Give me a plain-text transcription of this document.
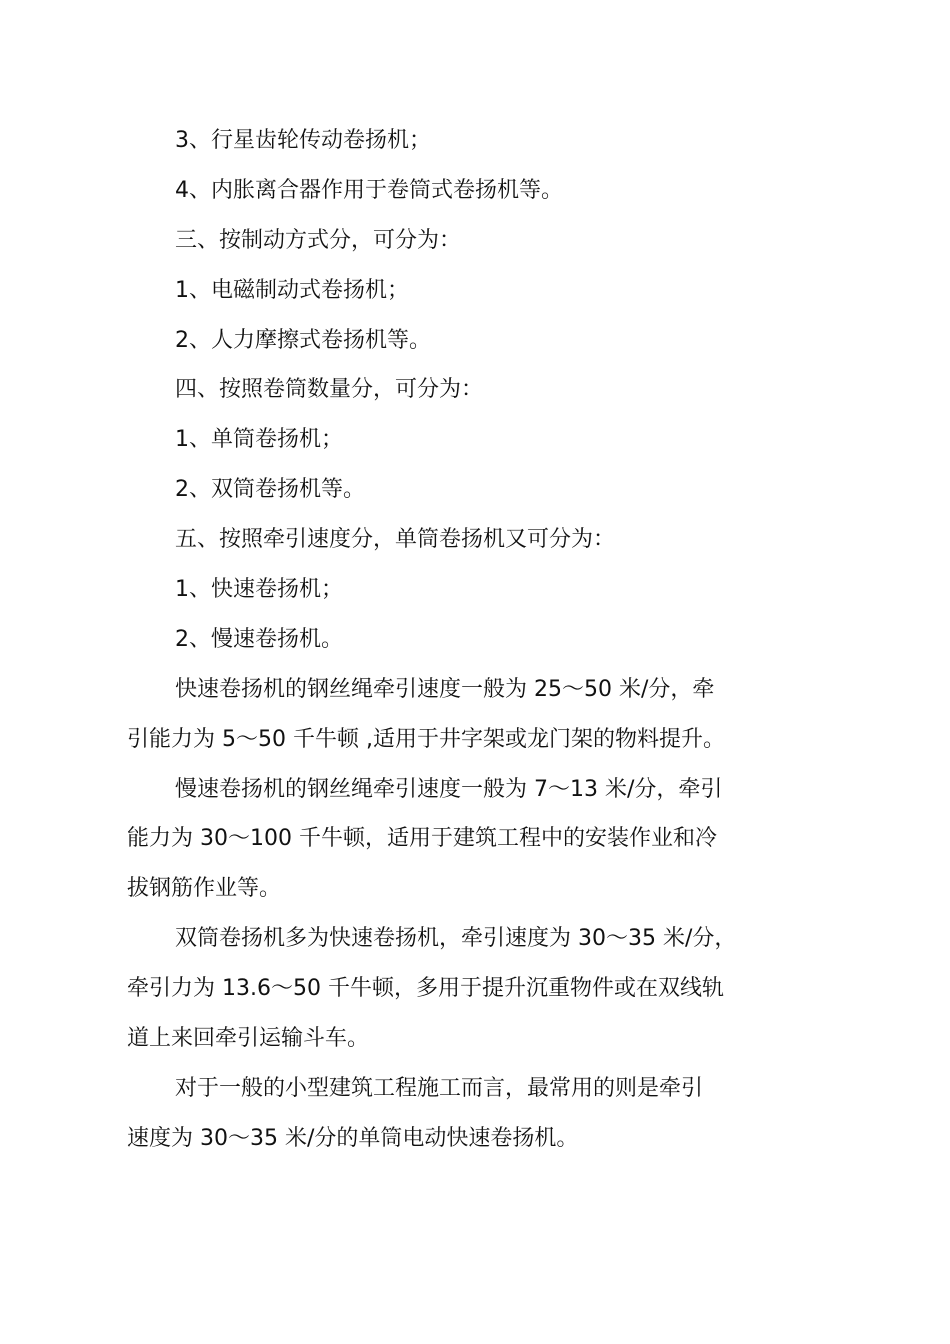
3、行星齿轮传动卷扬机；
4、内胀离合器作用于卷筒式卷扬机等。
三、按制动方式分，可分为：
1、电磁制动式卷扬机；
2、人力摩擦式卷扬机等。
四、按照卷筒数量分，可分为：
1、单筒卷扬机；
2、双筒卷扬机等。
五、按照牵引速度分，单筒卷扬机又可分为：
1、快速卷扬机；
2、慢速卷扬机。
快速卷扬机的钢丝绳牵引速度一般为 25～50 米/分，牵
引能力为 5～50 千牛顿 ,适用于井字架或龙门架的物料提升。
慢速卷扬机的钢丝绳牵引速度一般为 7～13 米/分，牵引
能力为 30～100 千牛顿，适用于建筑工程中的安装作业和冷
拔钢筋作业等。
双筒卷扬机多为快速卷扬机，牵引速度为 30～35 米/分，
牵引力为 13.6～50 千牛顿，多用于提升沉重物件或在双线轨
道上来回牵引运输斗车。
对于一般的小型建筑工程施工而言，最常用的则是牵引
速度为 30～35 米/分的单筒电动快速卷扬机。
